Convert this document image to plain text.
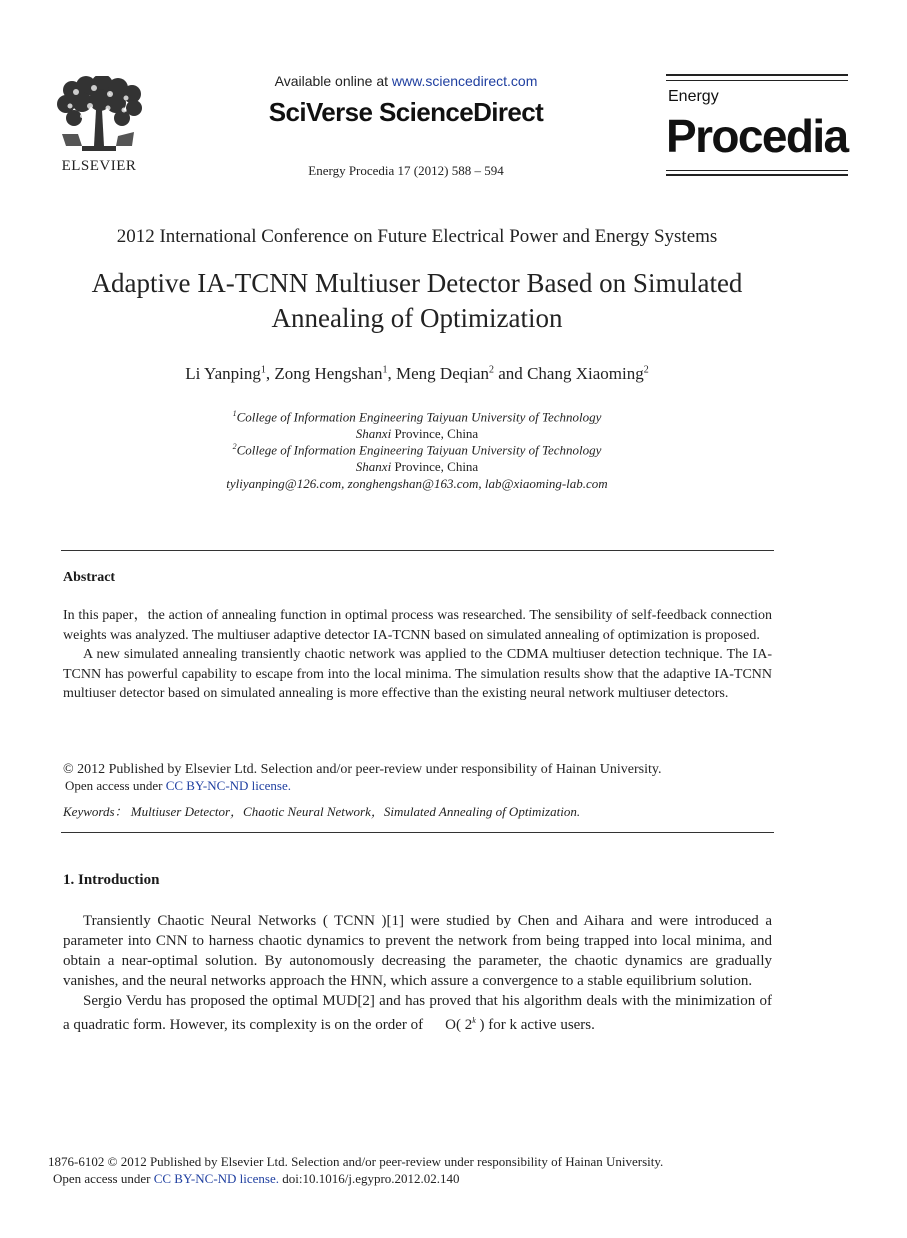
ELSEVIER
Available online at www.sciencedirect.com
SciVerse ScienceDirect
Energy Procedia 17 (2012) 588 – 594
Energy
Procedia
2012 International Conference on Future Electrical Power and Energy Systems
Adaptive IA-TCNN Multiuser Detector Based on Simulated
Annealing of Optimization
Li Yanping$^1$, Zong Hengshan$^1$, Meng Deqian$^2$ and Chang Xiaoming$^2$
$^1$College of Information Engineering Taiyuan University of Technology
Shanxi Province, China
$^2$College of Information Engineering Taiyuan University of Technology
Shanxi Province, China
tyliyanping@126.com, zonghengshan@163.com, lab@xiaoming-lab.com
Abstract

In this paper，the action of annealing function in optimal process was researched. The sensibility of self-feedback connection weights was analyzed. The multiuser adaptive detector IA-TCNN based on simulated annealing of optimization is proposed.

A new simulated annealing transiently chaotic network was applied to the CDMA multiuser detection technique. The IA-TCNN has powerful capability to escape from into the local minima. The simulation results show that the adaptive IA-TCNN multiuser detector based on simulated annealing is more effective than the existing neural network multiuser detectors.

© 2012 Published by Elsevier Ltd. Selection and/or peer-review under responsibility of Hainan University.
Open access under CC BY-NC-ND license.
Keywords： Multiuser Detector，Chaotic Neural Network，Simulated Annealing of Optimization.
1. Introduction

Transiently Chaotic Neural Networks ( TCNN )[1] were studied by Chen and Aihara and were introduced a parameter into CNN to harness chaotic dynamics to prevent the network from being trapped into local minima, and obtain a near-optimal solution. By autonomously decreasing the parameter, the chaotic dynamics are gradually vanishes, and the neural networks approach the HNN, which assure a convergence to a stable equilibrium solution.

Sergio Verdu has proposed the optimal MUD[2] and has proved that his algorithm deals with the minimization of a quadratic form. However, its complexity is on the order of O( 2$^k$ ) for k active users.

1876-6102 © 2012 Published by Elsevier Ltd. Selection and/or peer-review under responsibility of Hainan University.
Open access under CC BY-NC-ND license. doi:10.1016/j.egypro.2012.02.140
